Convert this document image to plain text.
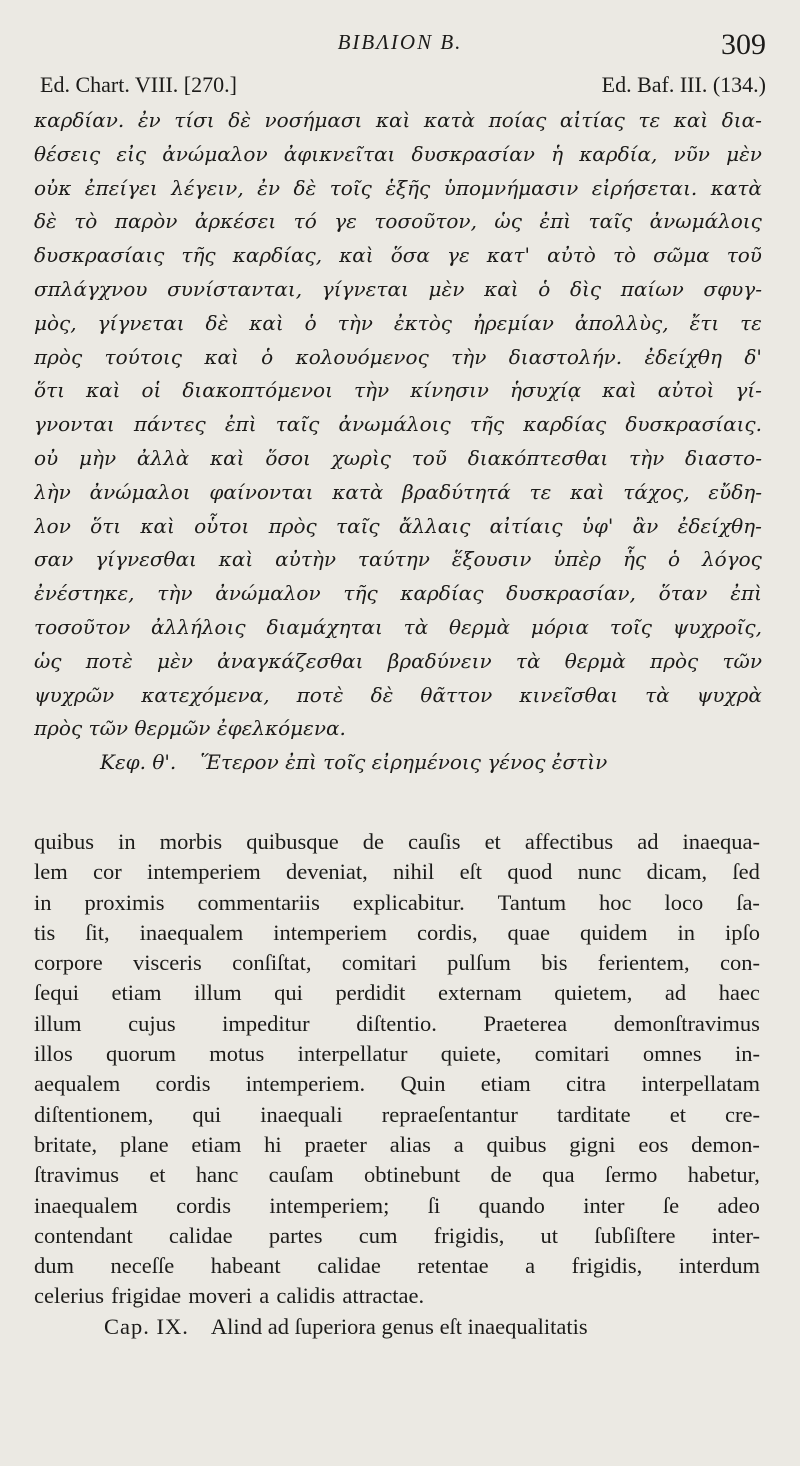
ΒΙΒΛΙΟΝ Β.	309
Ed. Chart. VIII. [270.]	Ed. Baf. III. (134.)
καρδίαν. ἐν τίσι δὲ νοσήμασι καὶ κατὰ ποίας αἰτίας τε καὶ δια-
θέσεις εἰς ἀνώμαλον ἀφικνεῖται δυσκρασίαν ἡ καρδία, νῦν μὲν
οὐκ ἐπείγει λέγειν, ἐν δὲ τοῖς ἑξῆς ὑπομνήμασιν εἰρήσεται. κατὰ
δὲ τὸ παρὸν ἀρκέσει τό γε τοσοῦτον, ὡς ἐπὶ ταῖς ἀνωμάλοις
δυσκρασίαις τῆς καρδίας, καὶ ὅσα γε κατ' αὐτὸ τὸ σῶμα τοῦ
σπλάγχνου συνίστανται, γίγνεται μὲν καὶ ὁ δὶς παίων σφυγ-
μὸς, γίγνεται δὲ καὶ ὁ τὴν ἐκτὸς ἠρεμίαν ἀπολλὺς, ἔτι τε
πρὸς τούτοις καὶ ὁ κολουόμενος τὴν διαστολήν. ἐδείχθη δ'
ὅτι καὶ οἱ διακοπτόμενοι τὴν κίνησιν ἡσυχίᾳ καὶ αὐτοὶ γί-
γνονται πάντες ἐπὶ ταῖς ἀνωμάλοις τῆς καρδίας δυσκρασίαις.
οὐ μὴν ἀλλὰ καὶ ὅσοι χωρὶς τοῦ διακόπτεσθαι τὴν διαστο-
λὴν ἀνώμαλοι φαίνονται κατὰ βραδύτητά τε καὶ τάχος, εὔδη-
λον ὅτι καὶ οὗτοι πρὸς ταῖς ἄλλαις αἰτίαις ὑφ' ἂν ἐδείχθη-
σαν γίγνεσθαι καὶ αὐτὴν ταύτην ἕξουσιν ὑπὲρ ἧς ὁ λόγος
ἐνέστηκε, τὴν ἀνώμαλον τῆς καρδίας δυσκρασίαν, ὅταν ἐπὶ
τοσοῦτον ἀλλήλοις διαμάχηται τὰ θερμὰ μόρια τοῖς ψυχροῖς,
ὡς ποτὲ μὲν ἀναγκάζεσθαι βραδύνειν τὰ θερμὰ πρὸς τῶν
ψυχρῶν κατεχόμενα, ποτὲ δὲ θᾶττον κινεῖσθαι τὰ ψυχρὰ
πρὸς τῶν θερμῶν ἐφελκόμενα.
Κεφ. θ'. Ἕτερον ἐπὶ τοῖς εἰρημένοις γένος ἐστὶν
quibus in morbis quibusque de cauſis et affectibus ad inaequa-
lem cor intemperiem deveniat, nihil eſt quod nunc dicam, ſed
in proximis commentariis explicabitur. Tantum hoc loco ſa-
tis ſit, inaequalem intemperiem cordis, quae quidem in ipſo
corpore visceris conſiſtat, comitari pulſum bis ferientem, con-
ſequi etiam illum qui perdidit externam quietem, ad haec
illum cujus impeditur diſtentio. Praeterea demonſtravimus
illos quorum motus interpellatur quiete, comitari omnes in-
aequalem cordis intemperiem. Quin etiam citra interpellatam
diſtentionem, qui inaequali repraeſentantur tarditate et cre-
britate, plane etiam hi praeter alias a quibus gigni eos demon-
ſtravimus et hanc cauſam obtinebunt de qua ſermo habetur,
inaequalem cordis intemperiem; ſi quando inter ſe adeo
contendant calidae partes cum frigidis, ut ſubſiſtere inter-
dum neceſſe habeant calidae retentae a frigidis, interdum
celerius frigidae moveri a calidis attractae.
Cap. IX. Alind ad ſuperiora genus eſt inaequalitatis
